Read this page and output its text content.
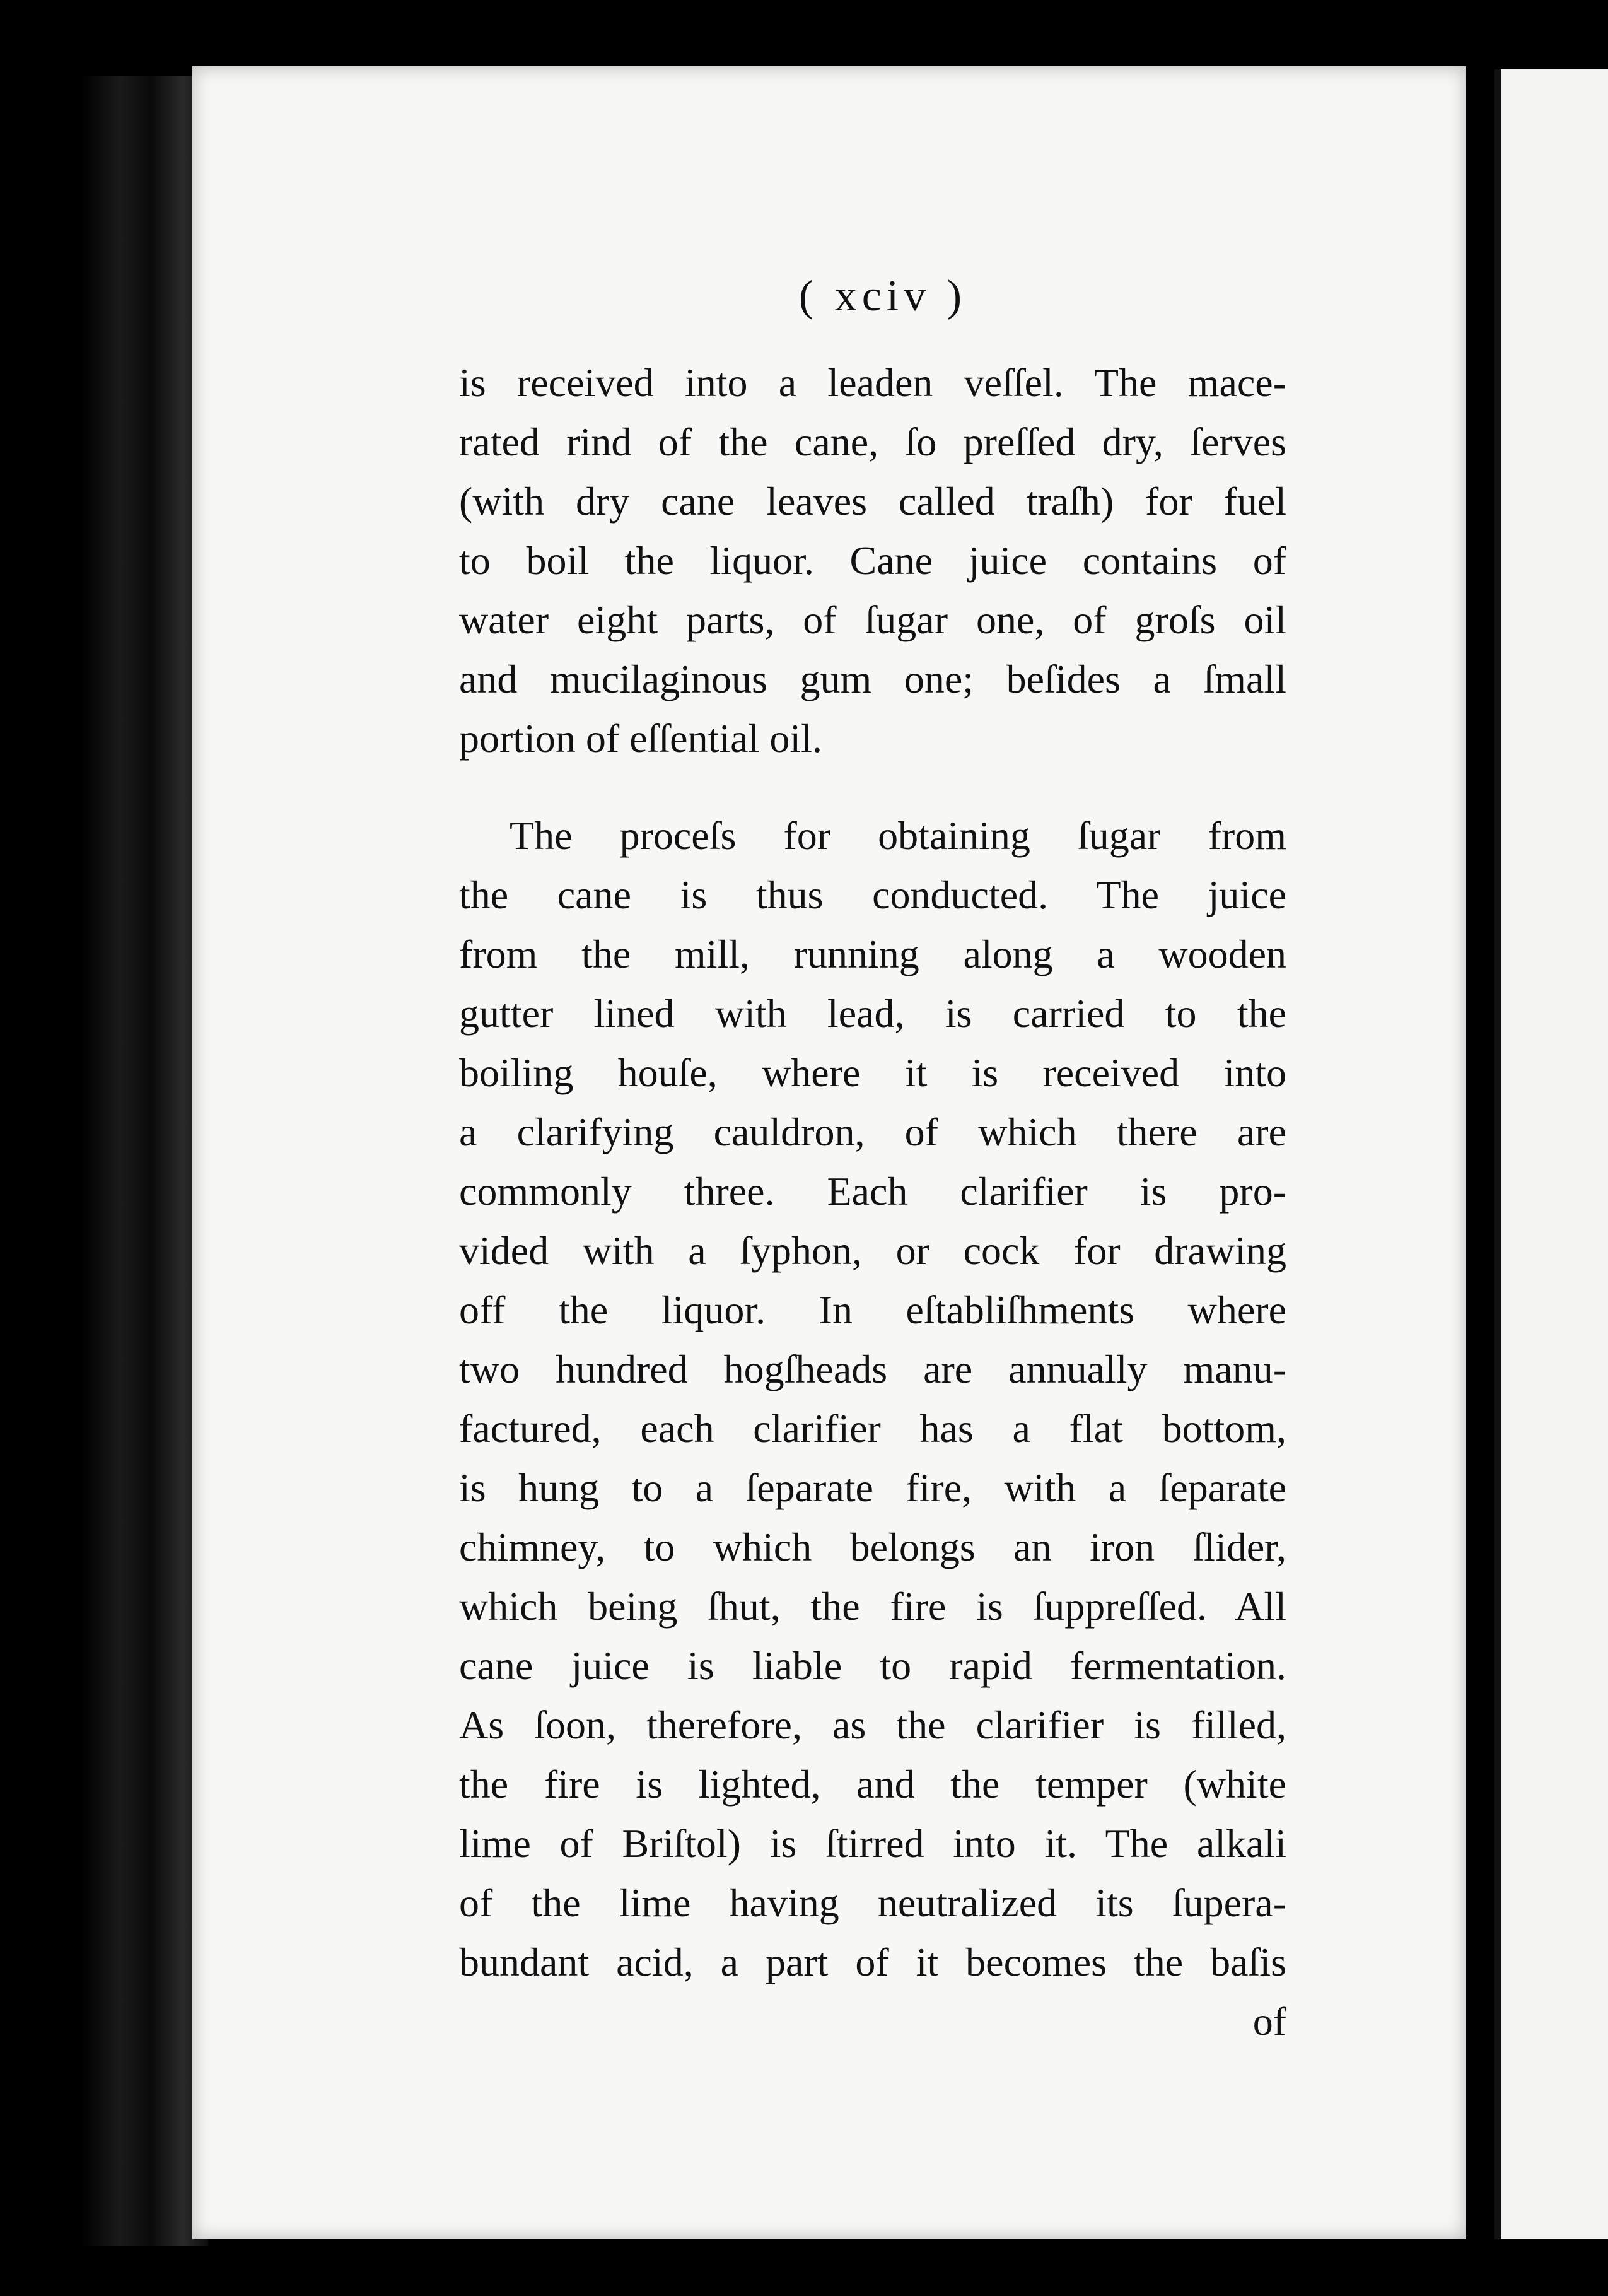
( xciv )
is received into a leaden veſſel. The mace-
rated rind of the cane, ſo preſſed dry, ſerves
(with dry cane leaves called traſh) for fuel
to boil the liquor. Cane juice contains of
water eight parts, of ſugar one, of groſs oil
and mucilaginous gum one; beſides a ſmall
portion of eſſential oil.
The proceſs for obtaining ſugar from
the cane is thus conducted. The juice
from the mill, running along a wooden
gutter lined with lead, is carried to the
boiling houſe, where it is received into
a clarifying cauldron, of which there are
commonly three. Each clarifier is pro-
vided with a ſyphon, or cock for drawing
off the liquor. In eſtabliſhments where
two hundred hogſheads are annually manu-
factured, each clarifier has a flat bottom,
is hung to a ſeparate fire, with a ſeparate
chimney, to which belongs an iron ſlider,
which being ſhut, the fire is ſuppreſſed. All
cane juice is liable to rapid fermentation.
As ſoon, therefore, as the clarifier is filled,
the fire is lighted, and the temper (white
lime of Briſtol) is ſtirred into it. The alkali
of the lime having neutralized its ſupera-
bundant acid, a part of it becomes the baſis
of
